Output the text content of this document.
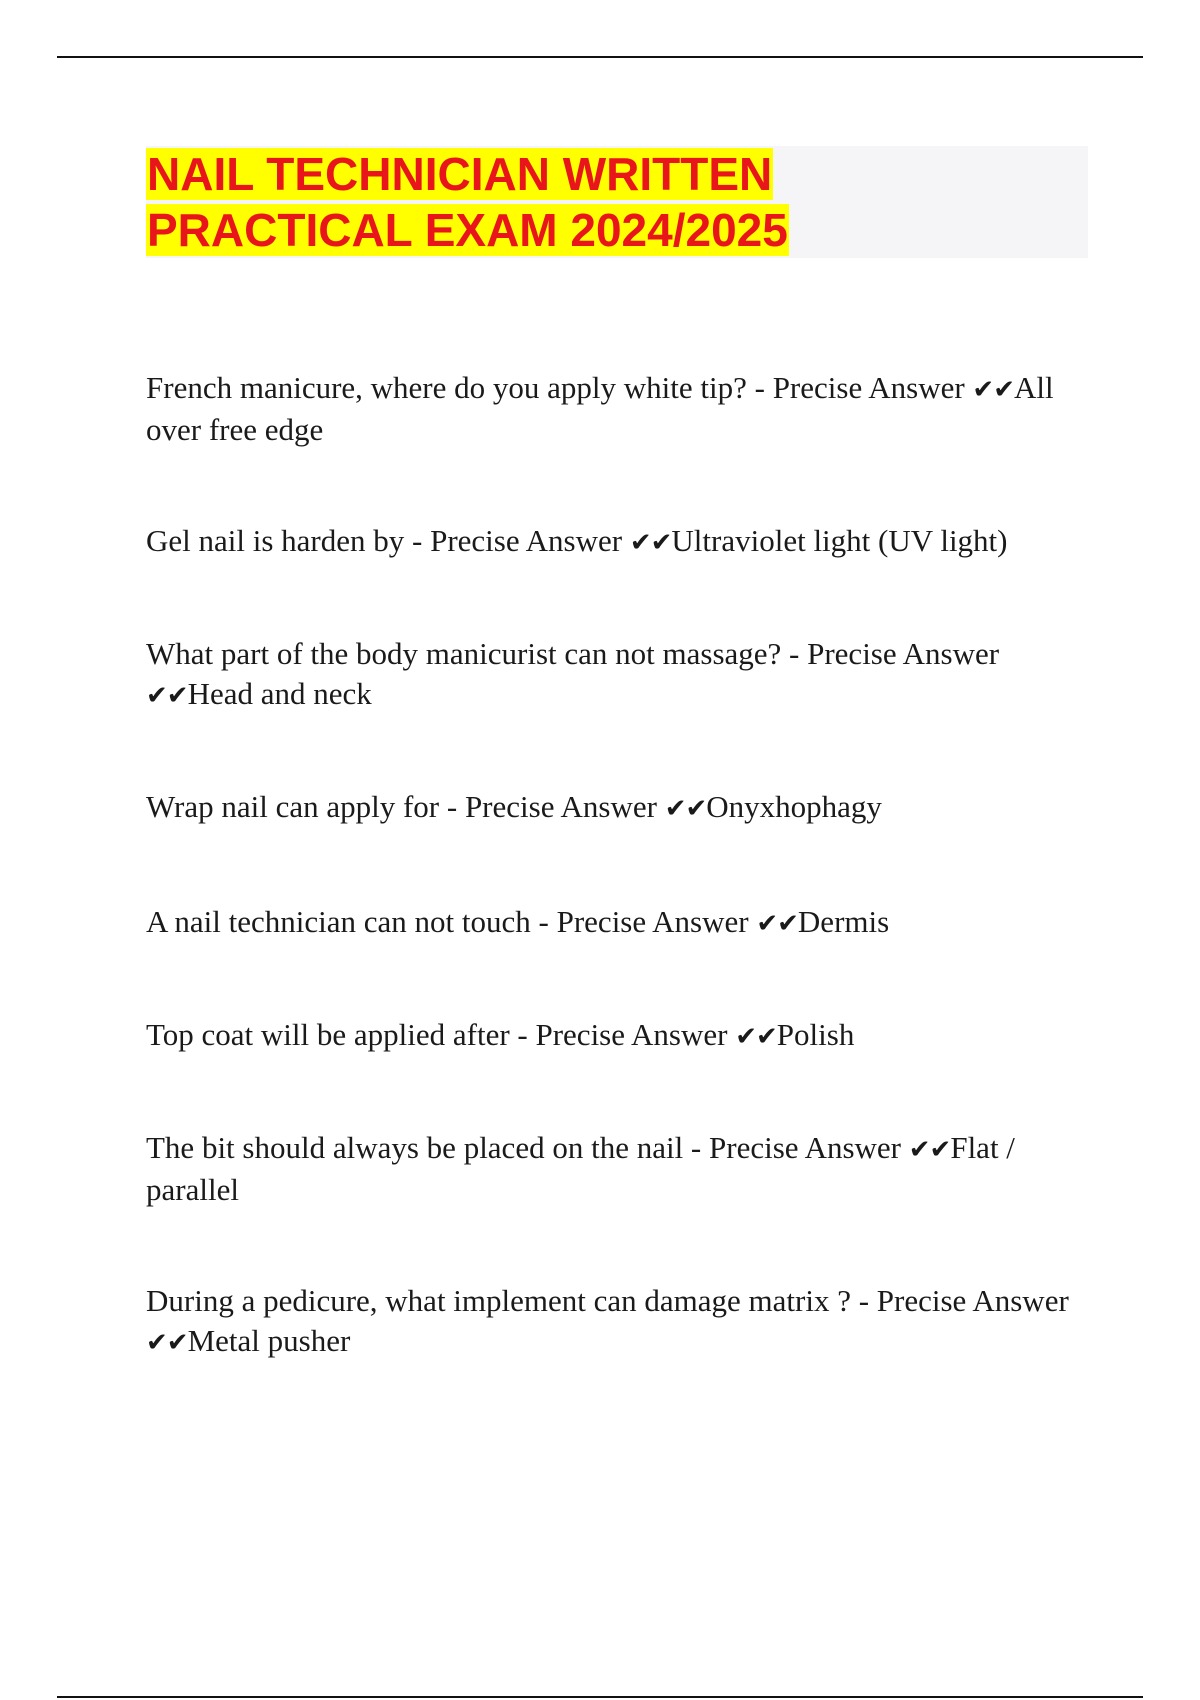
NAIL TECHNICIAN WRITTEN
PRACTICAL EXAM 2024/2025

French manicure, where do you apply white tip? - Precise Answer ✔✔All over free edge

Gel nail is harden by - Precise Answer ✔✔Ultraviolet light (UV light)

What part of the body manicurist can not massage? - Precise Answer ✔✔Head and neck

Wrap nail can apply for - Precise Answer ✔✔Onyxhophagy

A nail technician can not touch - Precise Answer ✔✔Dermis

Top coat will be applied after - Precise Answer ✔✔Polish

The bit should always be placed on the nail - Precise Answer ✔✔Flat / parallel

During a pedicure, what implement can damage matrix ? - Precise Answer ✔✔Metal pusher
